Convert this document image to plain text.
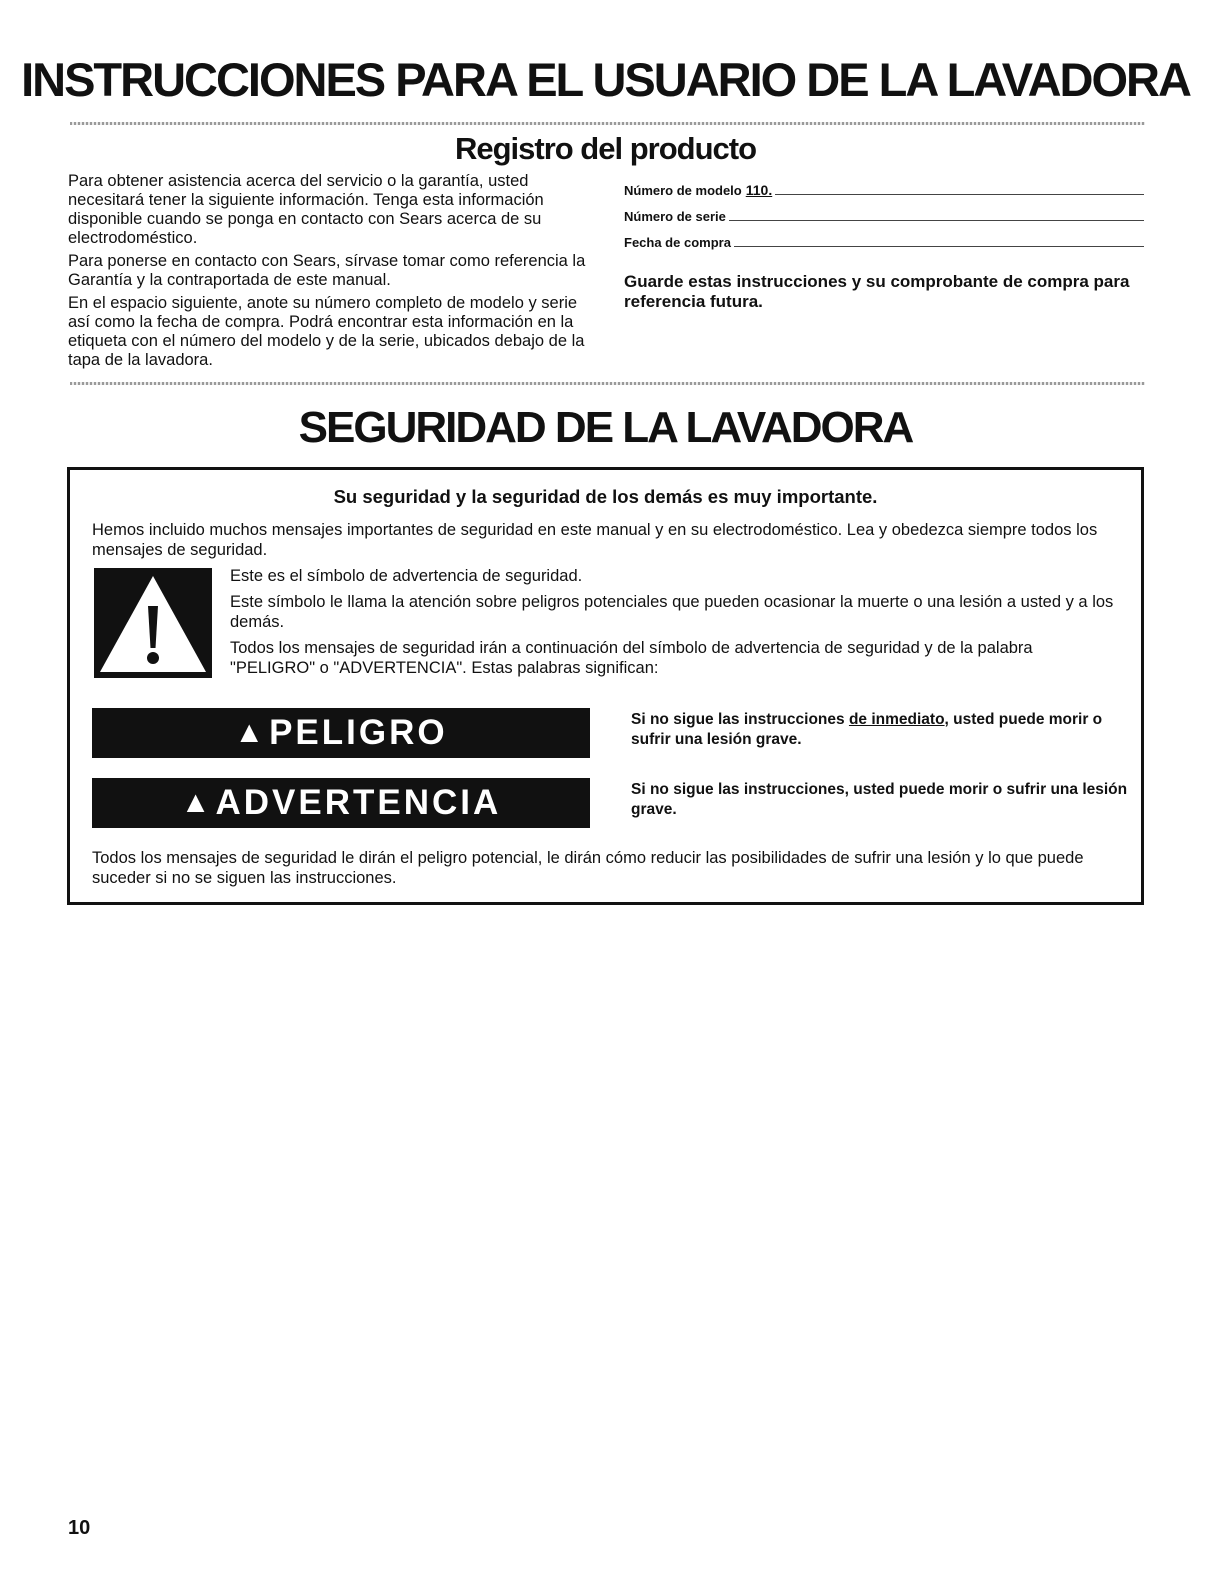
INSTRUCCIONES PARA EL USUARIO DE LA LAVADORA
Registro del producto

Para obtener asistencia acerca del servicio o la garantía, usted necesitará tener la siguiente información. Tenga esta información disponible cuando se ponga en contacto con Sears acerca de su electrodoméstico.

Para ponerse en contacto con Sears, sírvase tomar como referencia la Garantía y la contraportada de este manual.

En el espacio siguiente, anote su número completo de modelo y serie así como la fecha de compra. Podrá encontrar esta información en la etiqueta con el número del modelo y de la serie, ubicados debajo de la tapa de la lavadora.

Número de modelo 110.
Número de serie
Fecha de compra
Guarde estas instrucciones y su comprobante de compra para referencia futura.
SEGURIDAD DE LA LAVADORA
Su seguridad y la seguridad de los demás es muy importante.

Hemos incluido muchos mensajes importantes de seguridad en este manual y en su electrodoméstico. Lea y obedezca siempre todos los mensajes de seguridad.

Este es el símbolo de advertencia de seguridad.

Este símbolo le llama la atención sobre peligros potenciales que pueden ocasionar la muerte o una lesión a usted y a los demás.

Todos los mensajes de seguridad irán a continuación del símbolo de advertencia de seguridad y de la palabra "PELIGRO" o "ADVERTENCIA". Estas palabras significan:

▲ PELIGRO	Si no sigue las instrucciones de inmediato, usted puede morir o sufrir una lesión grave.
▲ ADVERTENCIA	Si no sigue las instrucciones, usted puede morir o sufrir una lesión grave.

Todos los mensajes de seguridad le dirán el peligro potencial, le dirán cómo reducir las posibilidades de sufrir una lesión y lo que puede suceder si no se siguen las instrucciones.

10
